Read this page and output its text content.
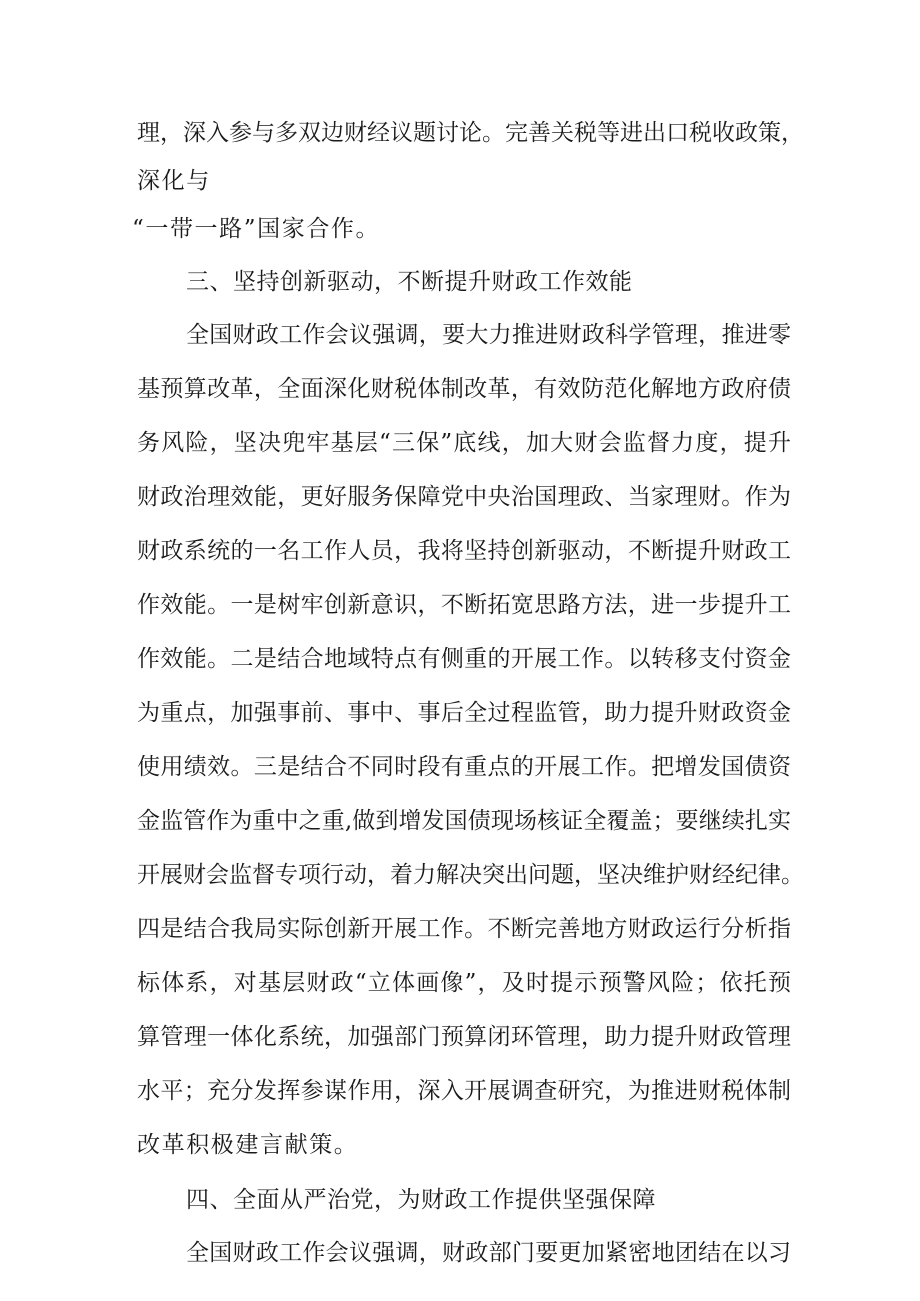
理，深入参与多双边财经议题讨论。完善关税等进出口税收政策，
深化与
“一带一路”国家合作。
三、坚持创新驱动，不断提升财政工作效能
全国财政工作会议强调，要大力推进财政科学管理，推进零
基预算改革，全面深化财税体制改革，有效防范化解地方政府债
务风险，坚决兜牢基层“三保”底线，加大财会监督力度，提升
财政治理效能，更好服务保障党中央治国理政、当家理财。作为
财政系统的一名工作人员，我将坚持创新驱动，不断提升财政工
作效能。一是树牢创新意识，不断拓宽思路方法，进一步提升工
作效能。二是结合地域特点有侧重的开展工作。以转移支付资金
为重点，加强事前、事中、事后全过程监管，助力提升财政资金
使用绩效。三是结合不同时段有重点的开展工作。把增发国债资
金监管作为重中之重,做到增发国债现场核证全覆盖；要继续扎实
开展财会监督专项行动，着力解决突出问题，坚决维护财经纪律。
四是结合我局实际创新开展工作。不断完善地方财政运行分析指
标体系，对基层财政“立体画像”，及时提示预警风险；依托预
算管理一体化系统，加强部门预算闭环管理，助力提升财政管理
水平；充分发挥参谋作用，深入开展调查研究，为推进财税体制
改革积极建言献策。
四、全面从严治党，为财政工作提供坚强保障
全国财政工作会议强调，财政部门要更加紧密地团结在以习
